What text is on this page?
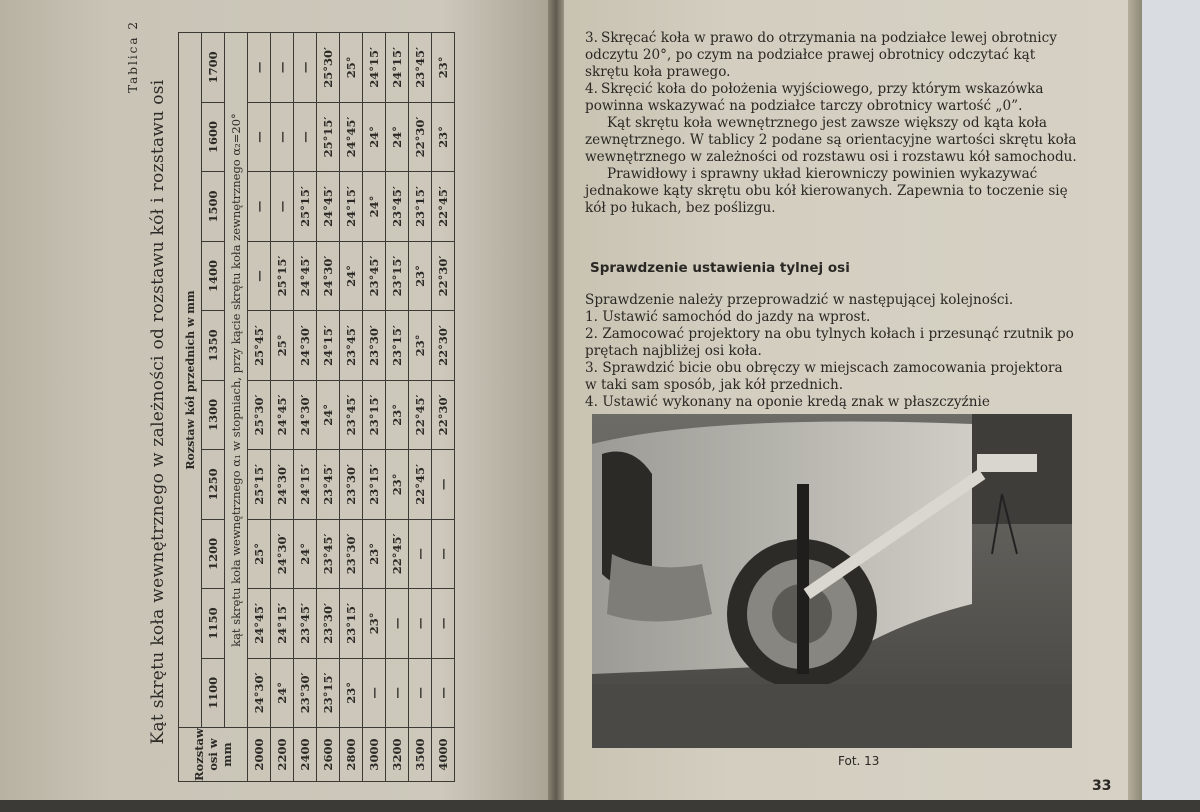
Tablica 2
Kąt skrętu koła wewnętrznego w zależności od rozstawu kół i rozstawu osi
Rozstaw osi w mm	Rozstaw kół przednich w mm									
	1100	1150	1200	1250	1300	1350	1400	1500	1600	1700
	kąt skrętu koła wewnętrznego α₁ w stopniach, przy kącie skrętu koła zewnętrznego α₂=20°									
2000	24°30′	24°45′	25°	25°15′	25°30′	25°45′	—	—	—	—
2200	24°	24°15′	24°30′	24°30′	24°45′	25°	25°15′	—	—	—
2400	23°30′	23°45′	24°	24°15′	24°30′	24°30′	24°45′	25°15′	—	—
2600	23°15′	23°30′	23°45′	23°45′	24°	24°15′	24°30′	24°45′	25°15′	25°30′
2800	23°	23°15′	23°30′	23°30′	23°45′	23°45′	24°	24°15′	24°45′	25°
3000	—	23°	23°	23°15′	23°15′	23°30′	23°45′	24°	24°	24°15′
3200	—	—	22°45′	23°	23°	23°15′	23°15′	23°45′	24°	24°15′
3500	—	—	—	22°45′	22°45′	23°	23°	23°15′	22°30′	23°45′
4000	—	—	—	—	22°30′	22°30′	22°30′	22°45′	23°	23°

3. Skręcać koła w prawo do otrzymania na podziałce lewej obrotnicy odczytu 20°, po czym na podziałce prawej obrotnicy odczytać kąt skrętu koła prawego.

4. Skręcić koła do położenia wyjściowego, przy którym wskazówka powinna wskazywać na podziałce tarczy obrotnicy wartość „0”.

Kąt skrętu koła wewnętrznego jest zawsze większy od kąta koła zewnętrznego. W tablicy 2 podane są orientacyjne wartości skrętu koła wewnętrznego w zależności od rozstawu osi i rozstawu kół samochodu.

Prawidłowy i sprawny układ kierowniczy powinien wykazywać jednakowe kąty skrętu obu kół kierowanych. Zapewnia to toczenie się kół po łukach, bez poślizgu.

Sprawdzenie ustawienia tylnej osi

Sprawdzenie należy przeprowadzić w następującej kolejności.

1. Ustawić samochód do jazdy na wprost.

2. Zamocować projektory na obu tylnych kołach i przesunąć rzutnik po prętach najbliżej osi koła.

3. Sprawdzić bicie obu obręczy w miejscach zamocowania projektora w taki sam sposób, jak kół przednich.

4. Ustawić wykonany na oponie kredą znak w płaszczyźnie

Fot. 13
33
